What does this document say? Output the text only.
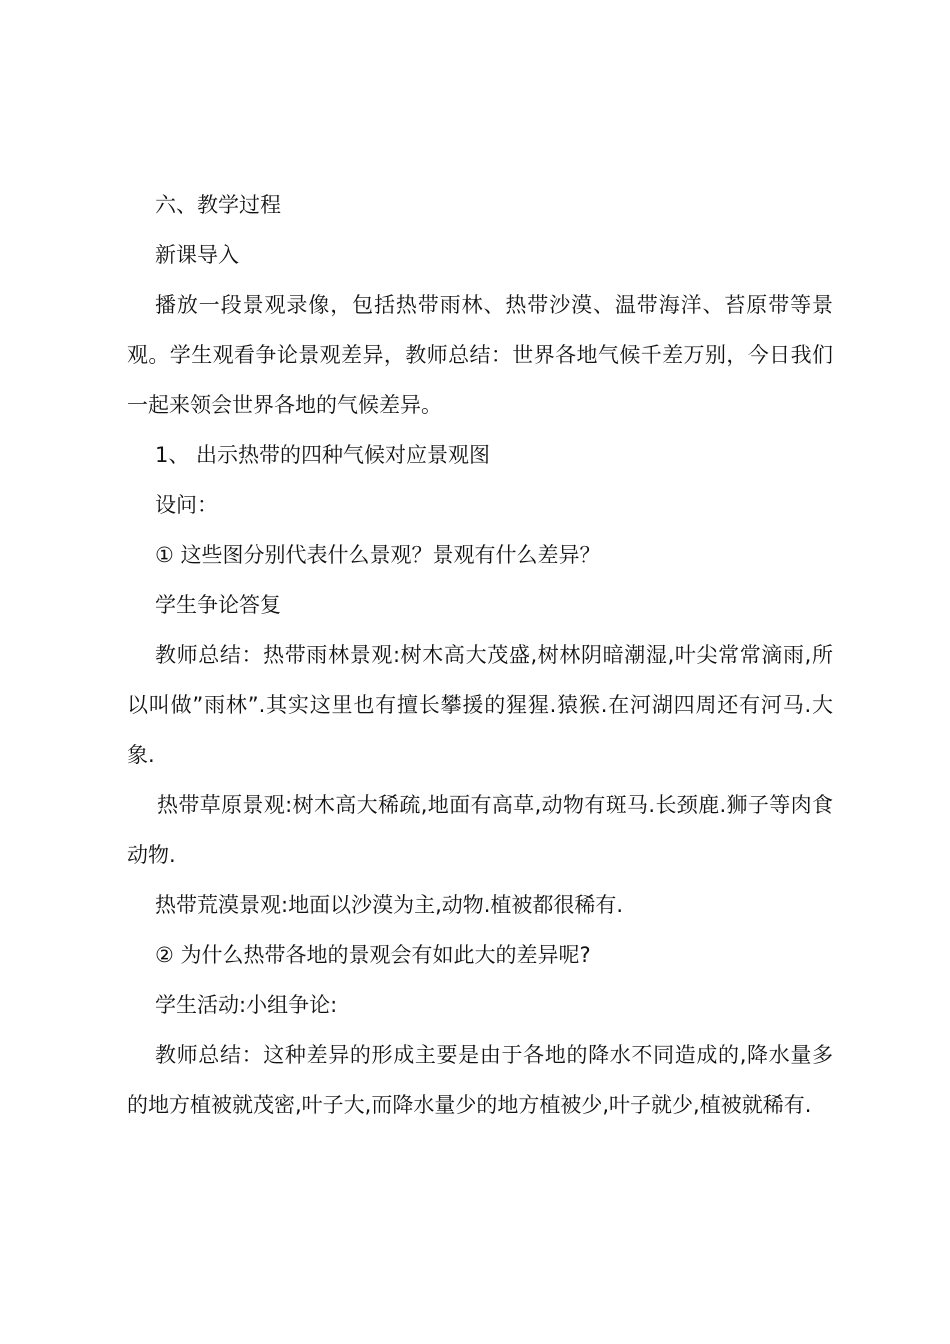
六、教学过程

新课导入

播放一段景观录像，包括热带雨林、热带沙漠、温带海洋、苔原带等景观。学生观看争论景观差异，教师总结：世界各地气候千差万别，今日我们一起来领会世界各地的气候差异。

1、 出示热带的四种气候对应景观图

设问：

① 这些图分别代表什么景观？景观有什么差异？

学生争论答复

教师总结：热带雨林景观:树木高大茂盛,树林阴暗潮湿,叶尖常常滴雨,所以叫做”雨林”.其实这里也有擅长攀援的猩猩.猿猴.在河湖四周还有河马.大象.

热带草原景观:树木高大稀疏,地面有高草,动物有斑马.长颈鹿.狮子等肉食动物.

热带荒漠景观:地面以沙漠为主,动物.植被都很稀有.

② 为什么热带各地的景观会有如此大的差异呢?

学生活动:小组争论:

教师总结：这种差异的形成主要是由于各地的降水不同造成的,降水量多的地方植被就茂密,叶子大,而降水量少的地方植被少,叶子就少,植被就稀有.
